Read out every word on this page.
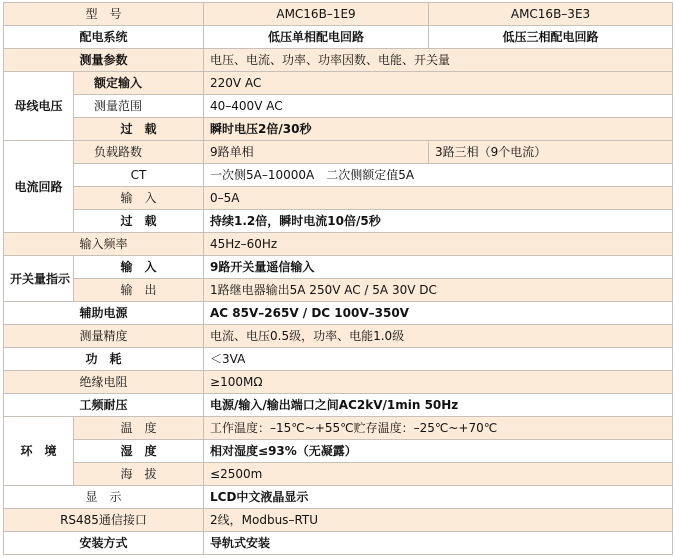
型　号		AMC16B–1E9	AMC16B–3E3
配电系统		低压单相配电回路	低压三相配电回路
测量参数		电压、电流、功率、功率因数、电能、开关量	
母线电压	额定输入	220V AC	
	测量范围	40–400V AC	
	过　载	瞬时电压2倍/30秒	
电流回路	负载路数	9路单相	3路三相（9个电流）
	CT	一次侧5A–10000A　二次侧额定值5A	
	输　入	0–5A	
	过　载	持续1.2倍，瞬时电流10倍/5秒	
输入频率		45Hz–60Hz	
开关量指示	输　入	9路开关量遥信输入	
	输　出	1路继电器输出5A 250V AC / 5A 30V DC	
辅助电源		AC 85V–265V / DC 100V–350V	
测量精度		电流、电压0.5级，功率、电能1.0级	
功　耗		＜3VA	
绝缘电阻		≥100MΩ	
工频耐压		电源/输入/输出端口之间AC2kV/1min 50Hz	
环　境	温　度	工作温度：–15℃~+55℃贮存温度：–25℃~+70℃	
	湿　度	相对湿度≤93%（无凝露）	
	海　拔	≤2500m	
显　示		LCD中文液晶显示	
RS485通信接口		2线，Modbus–RTU	
安装方式		导轨式安装	
